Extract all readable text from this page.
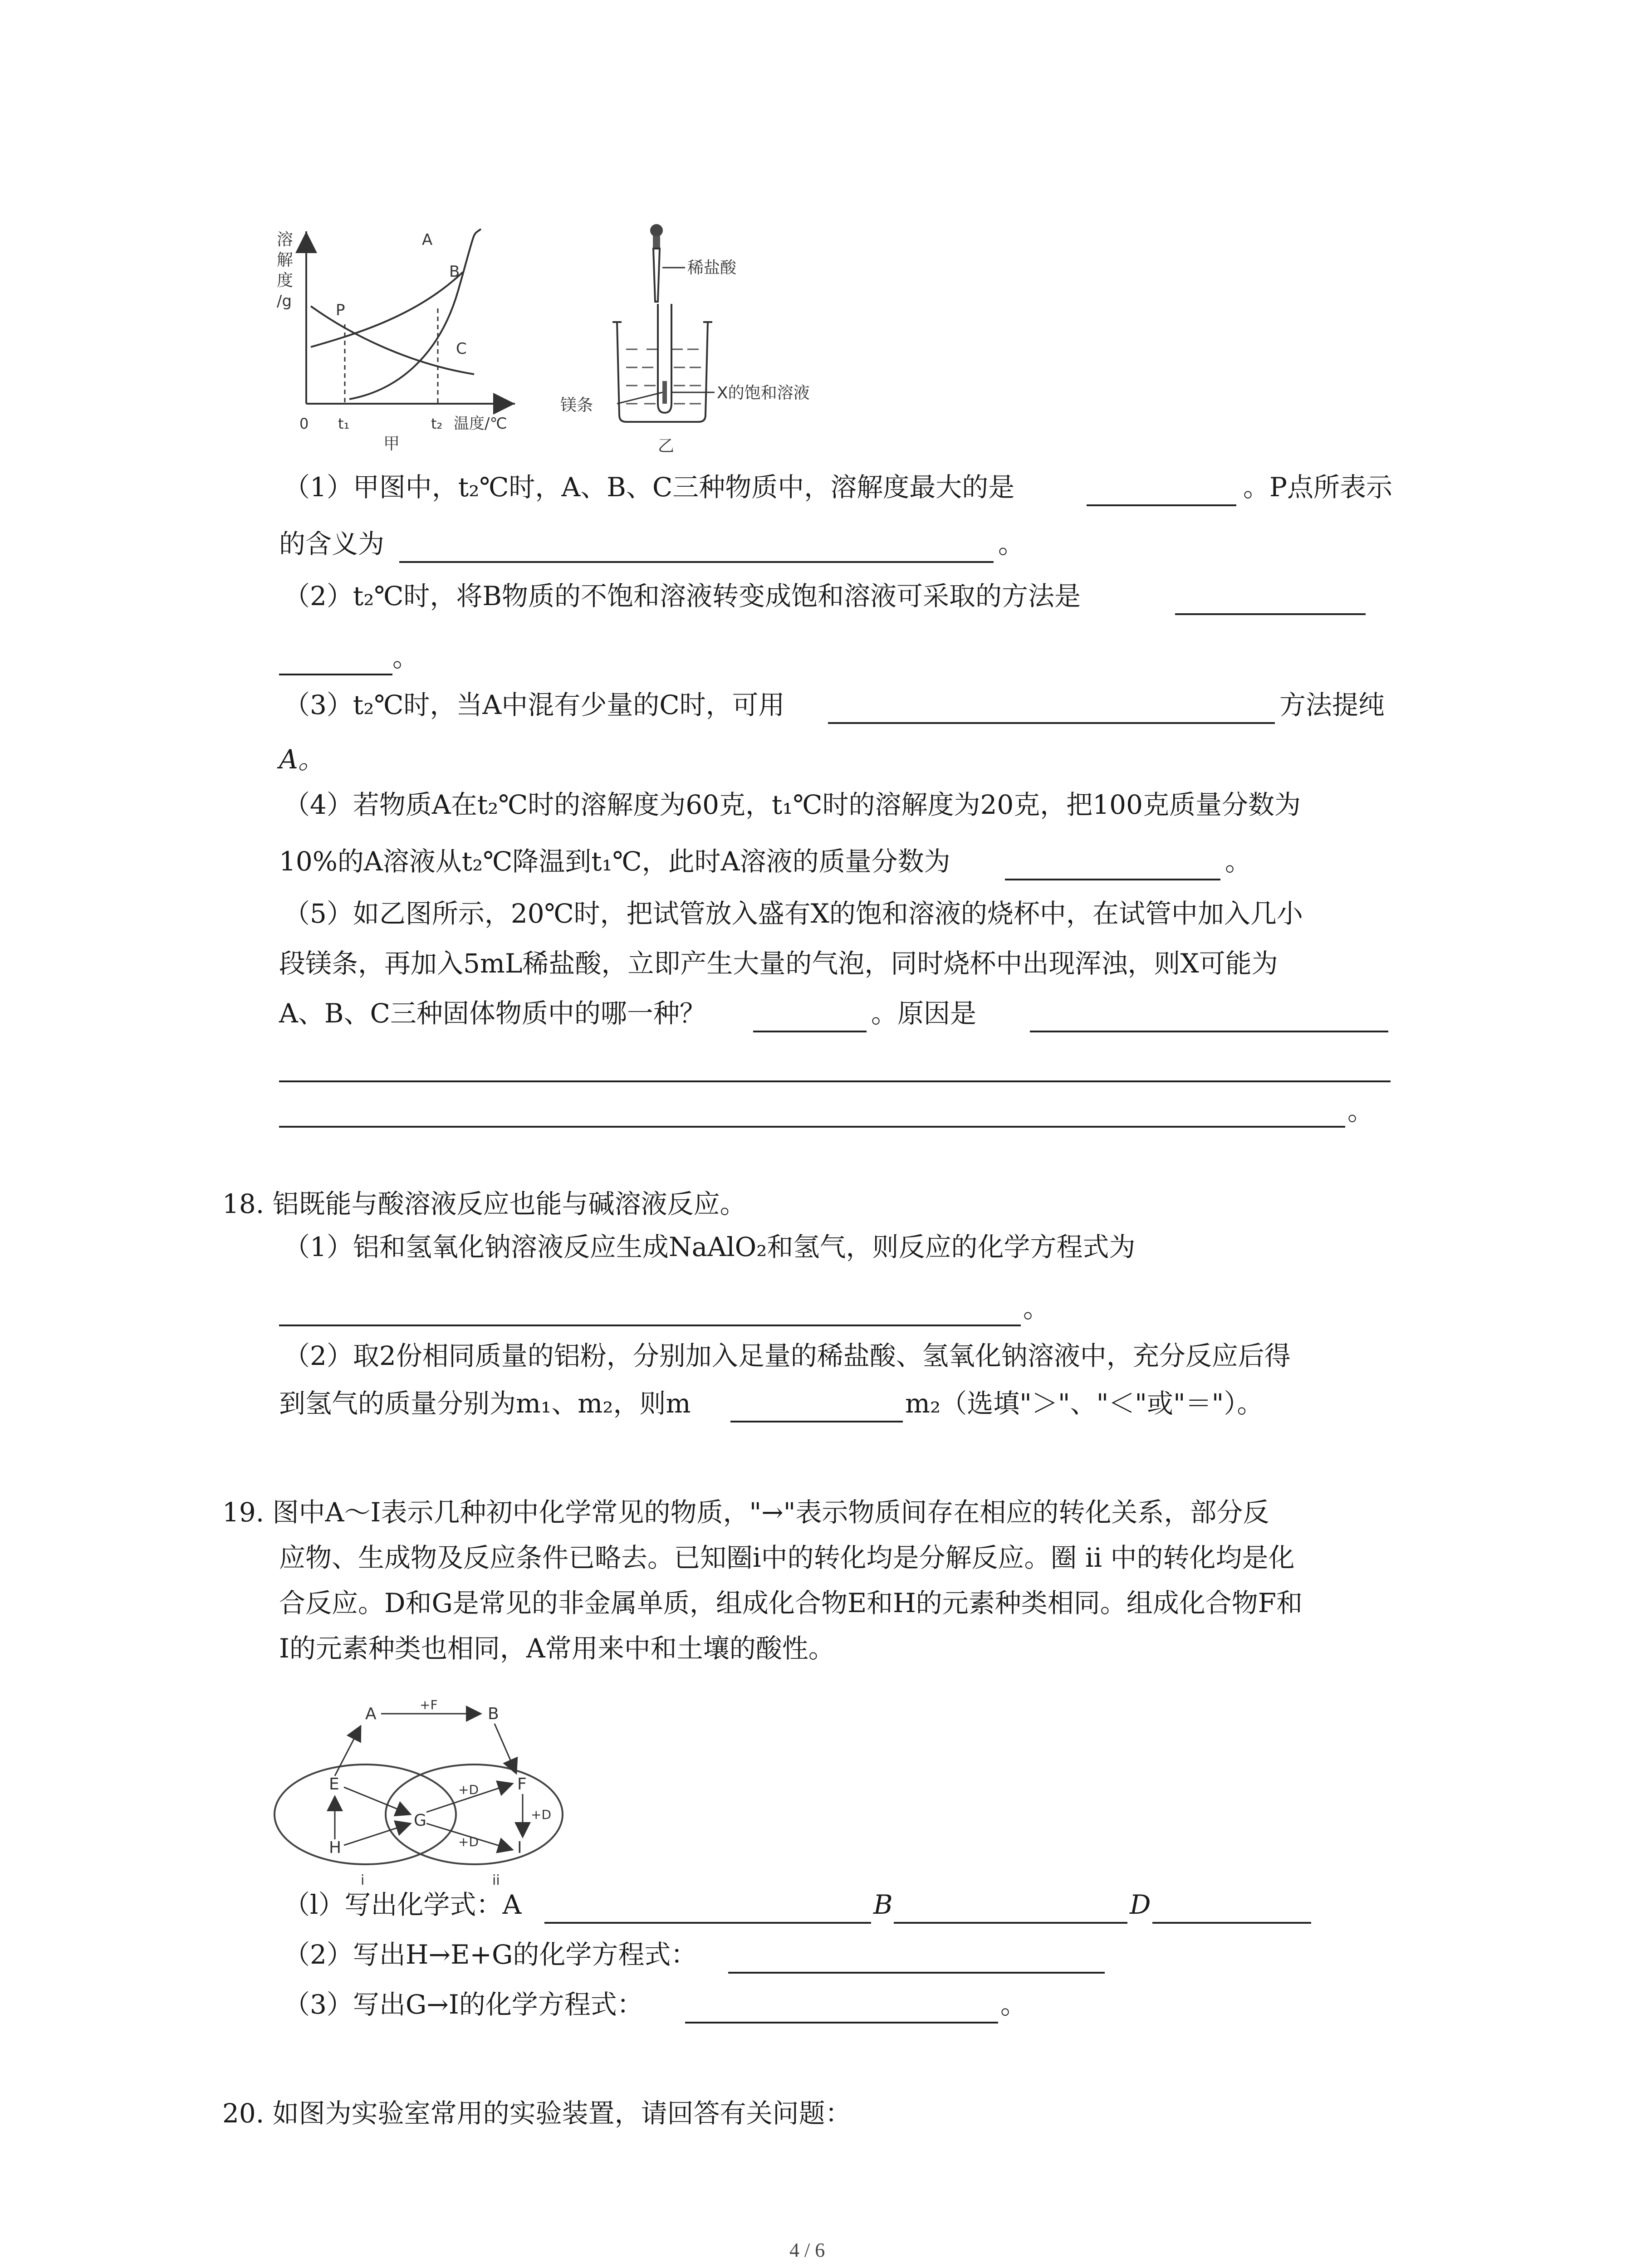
溶
解
度
/g
A
B
C
P
0 t₁	t₂ 温度/℃
甲
稀盐酸
镁条
X的饱和溶液
乙
（1）甲图中，t₂℃时，A、B、C三种物质中，溶解度最大的是	。P点所表示
的含义为	。
（2）t₂℃时，将B物质的不饱和溶液转变成饱和溶液可采取的方法是
。
（3）t₂℃时，当A中混有少量的C时，可用	方法提纯
A。
（4）若物质A在t₂℃时的溶解度为60克，t₁℃时的溶解度为20克，把100克质量分数为
10%的A溶液从t₂℃降温到t₁℃，此时A溶液的质量分数为	。
（5）如乙图所示，20℃时，把试管放入盛有X的饱和溶液的烧杯中，在试管中加入几小
段镁条，再加入5mL稀盐酸，立即产生大量的气泡，同时烧杯中出现浑浊，则X可能为
A、B、C三种固体物质中的哪一种？	。原因是
。
18. 铝既能与酸溶液反应也能与碱溶液反应。
（1）铝和氢氧化钠溶液反应生成NaAlO₂和氢气，则反应的化学方程式为
。
（2）取2份相同质量的铝粉，分别加入足量的稀盐酸、氢氧化钠溶液中，充分反应后得
到氢气的质量分别为m₁、m₂，则m	m₂（选填"＞"、"＜"或"＝"）。
19. 图中A～I表示几种初中化学常见的物质，"→"表示物质间存在相应的转化关系，部分反
应物、生成物及反应条件已略去。已知圈i中的转化均是分解反应。圈 ii 中的转化均是化
合反应。D和G是常见的非金属单质，组成化合物E和H的元素种类相同。组成化合物F和
I的元素种类也相同，A常用来中和土壤的酸性。
A	B
E
H
G
F
I
+F
+D
+D
+D
i	ii
（l）写出化学式：A	B	D
（2）写出H→E+G的化学方程式：
（3）写出G→I的化学方程式：	。
20. 如图为实验室常用的实验装置，请回答有关问题：
4 / 6
